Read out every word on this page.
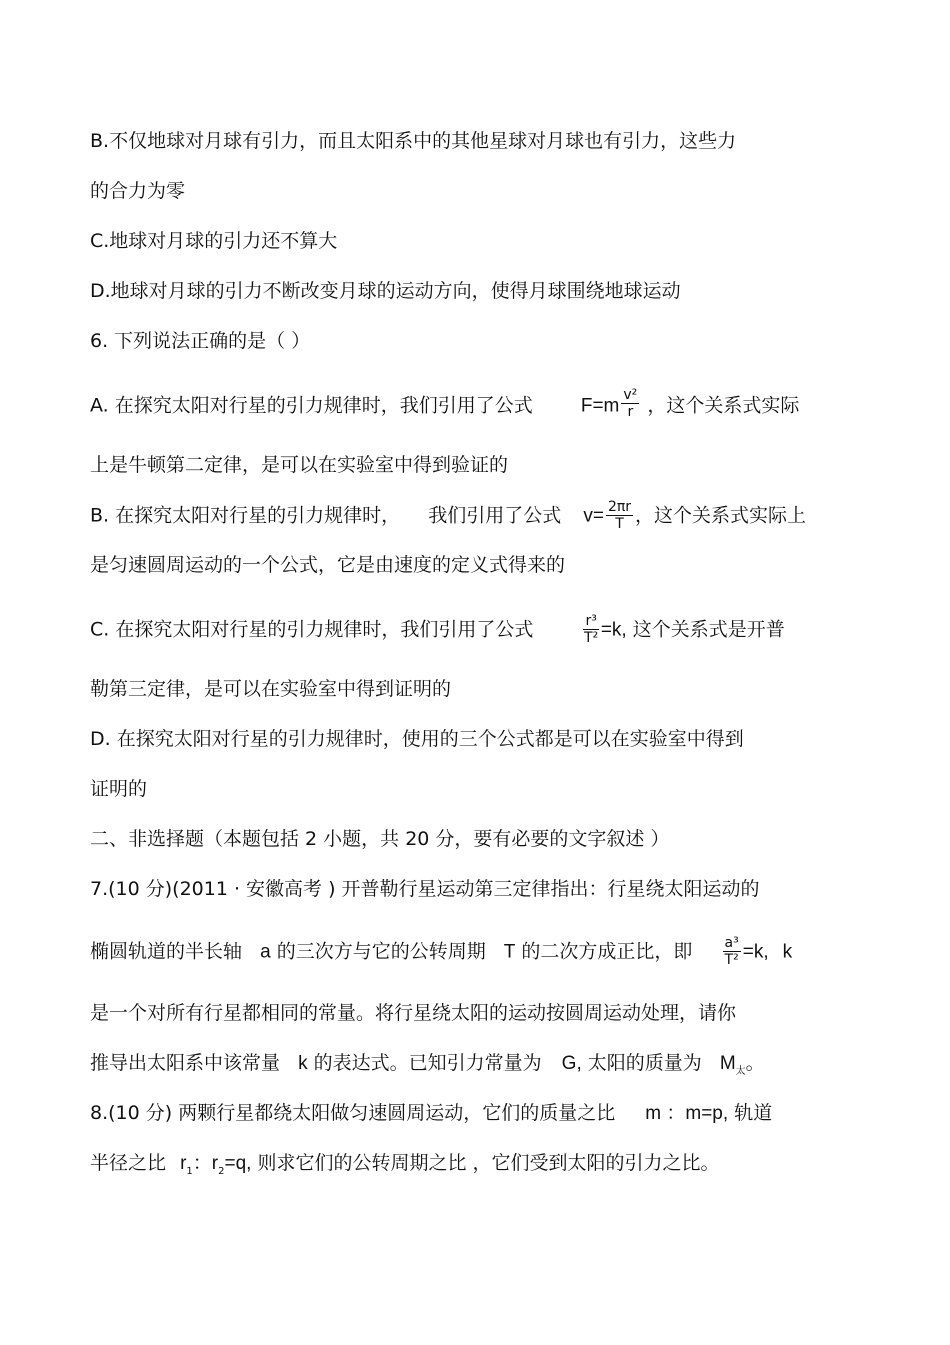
B.不仅地球对月球有引力，而且太阳系中的其他星球对月球也有引力，这些力
的合力为零
C.地球对月球的引力还不算大
D.地球对月球的引力不断改变月球的运动方向，使得月球围绕地球运动
6. 下列说法正确的是（ ）
A. 在探究太阳对行星的引力规律时，我们引用了公式	$F=m \frac{\text{v²}}{r}$ ，这个关系式实际
上是牛顿第二定律，是可以在实验室中得到验证的
B. 在探究太阳对行星的引力规律时， 我们引用了公式 $v= \frac{2\pi r}{T}$ ，这个关系式实际上
是匀速圆周运动的一个公式，它是由速度的定义式得来的
C. 在探究太阳对行星的引力规律时，我们引用了公式	$\frac{\text{r³}}{\text{T²}} =k$, 这个关系式是开普
勒第三定律，是可以在实验室中得到证明的
D. 在探究太阳对行星的引力规律时，使用的三个公式都是可以在实验室中得到
证明的
二、非选择题（本题包括 2 小题，共 20 分，要有必要的文字叙述 ）
7.(10 分)(2011 · 安徽高考 ) 开普勒行星运动第三定律指出：行星绕太阳运动的
椭圆轨道的半长轴 a 的三次方与它的公转周期 T 的二次方成正比，即 $\frac{\text{a³}}{\text{T²}} =k$, k
是一个对所有行星都相同的常量。将行星绕太阳的运动按圆周运动处理，请你
推导出太阳系中该常量 k 的表达式。已知引力常量为 G, 太阳的质量为 $M_太$。
8.(10 分) 两颗行星都绕太阳做匀速圆周运动，它们的质量之比 m ：m=p, 轨道
半径之比 $r_1$：$r_2=q$, 则求它们的公转周期之比 ，它们受到太阳的引力之比。
